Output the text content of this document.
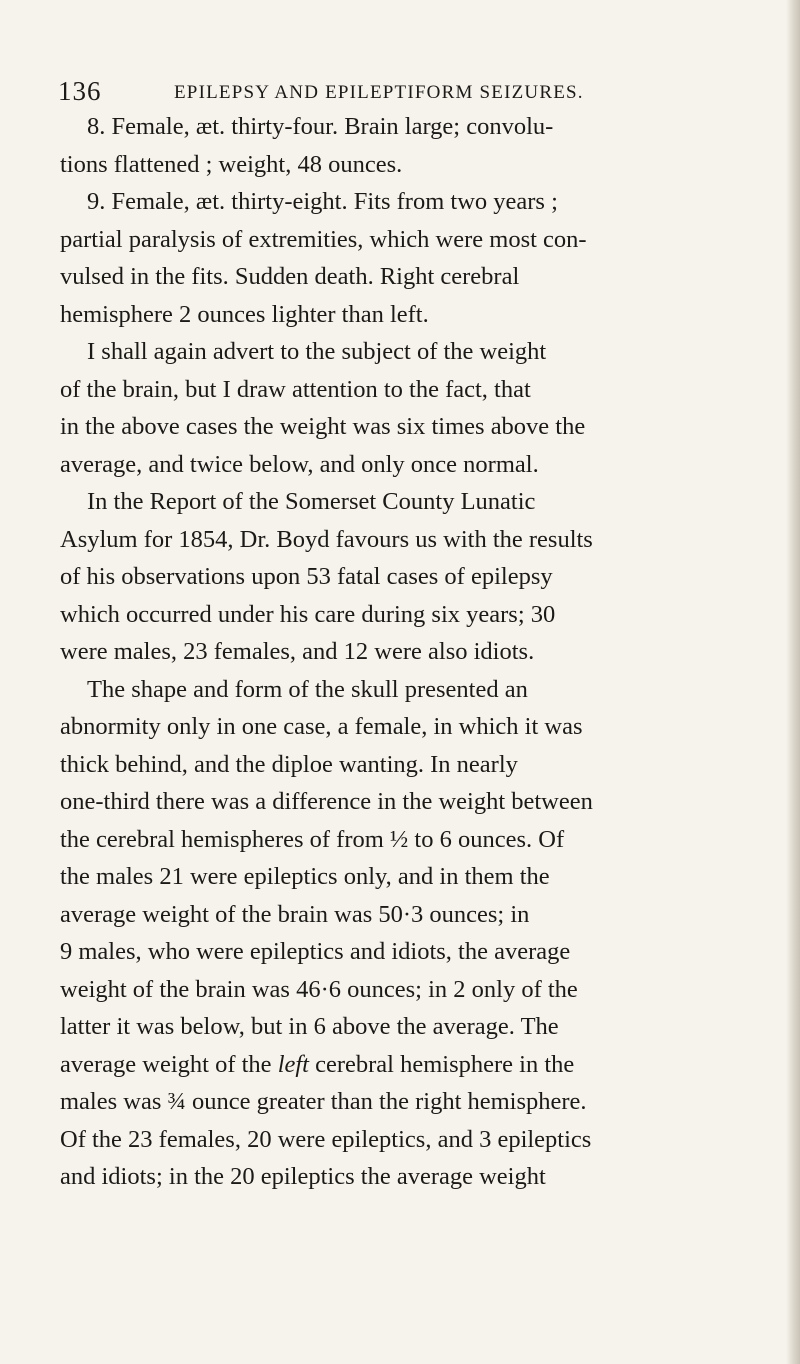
136	EPILEPSY AND EPILEPTIFORM SEIZURES.
8. Female, æt. thirty-four. Brain large; convolu-
tions flattened ; weight, 48 ounces.
9. Female, æt. thirty-eight. Fits from two years ;
partial paralysis of extremities, which were most con-
vulsed in the fits. Sudden death. Right cerebral
hemisphere 2 ounces lighter than left.
I shall again advert to the subject of the weight
of the brain, but I draw attention to the fact, that
in the above cases the weight was six times above the
average, and twice below, and only once normal.
In the Report of the Somerset County Lunatic
Asylum for 1854, Dr. Boyd favours us with the results
of his observations upon 53 fatal cases of epilepsy
which occurred under his care during six years; 30
were males, 23 females, and 12 were also idiots.
The shape and form of the skull presented an
abnormity only in one case, a female, in which it was
thick behind, and the diploe wanting. In nearly
one-third there was a difference in the weight between
the cerebral hemispheres of from ½ to 6 ounces. Of
the males 21 were epileptics only, and in them the
average weight of the brain was 50·3 ounces; in
9 males, who were epileptics and idiots, the average
weight of the brain was 46·6 ounces; in 2 only of the
latter it was below, but in 6 above the average. The
average weight of the left cerebral hemisphere in the
males was ¾ ounce greater than the right hemisphere.
Of the 23 females, 20 were epileptics, and 3 epileptics
and idiots; in the 20 epileptics the average weight
